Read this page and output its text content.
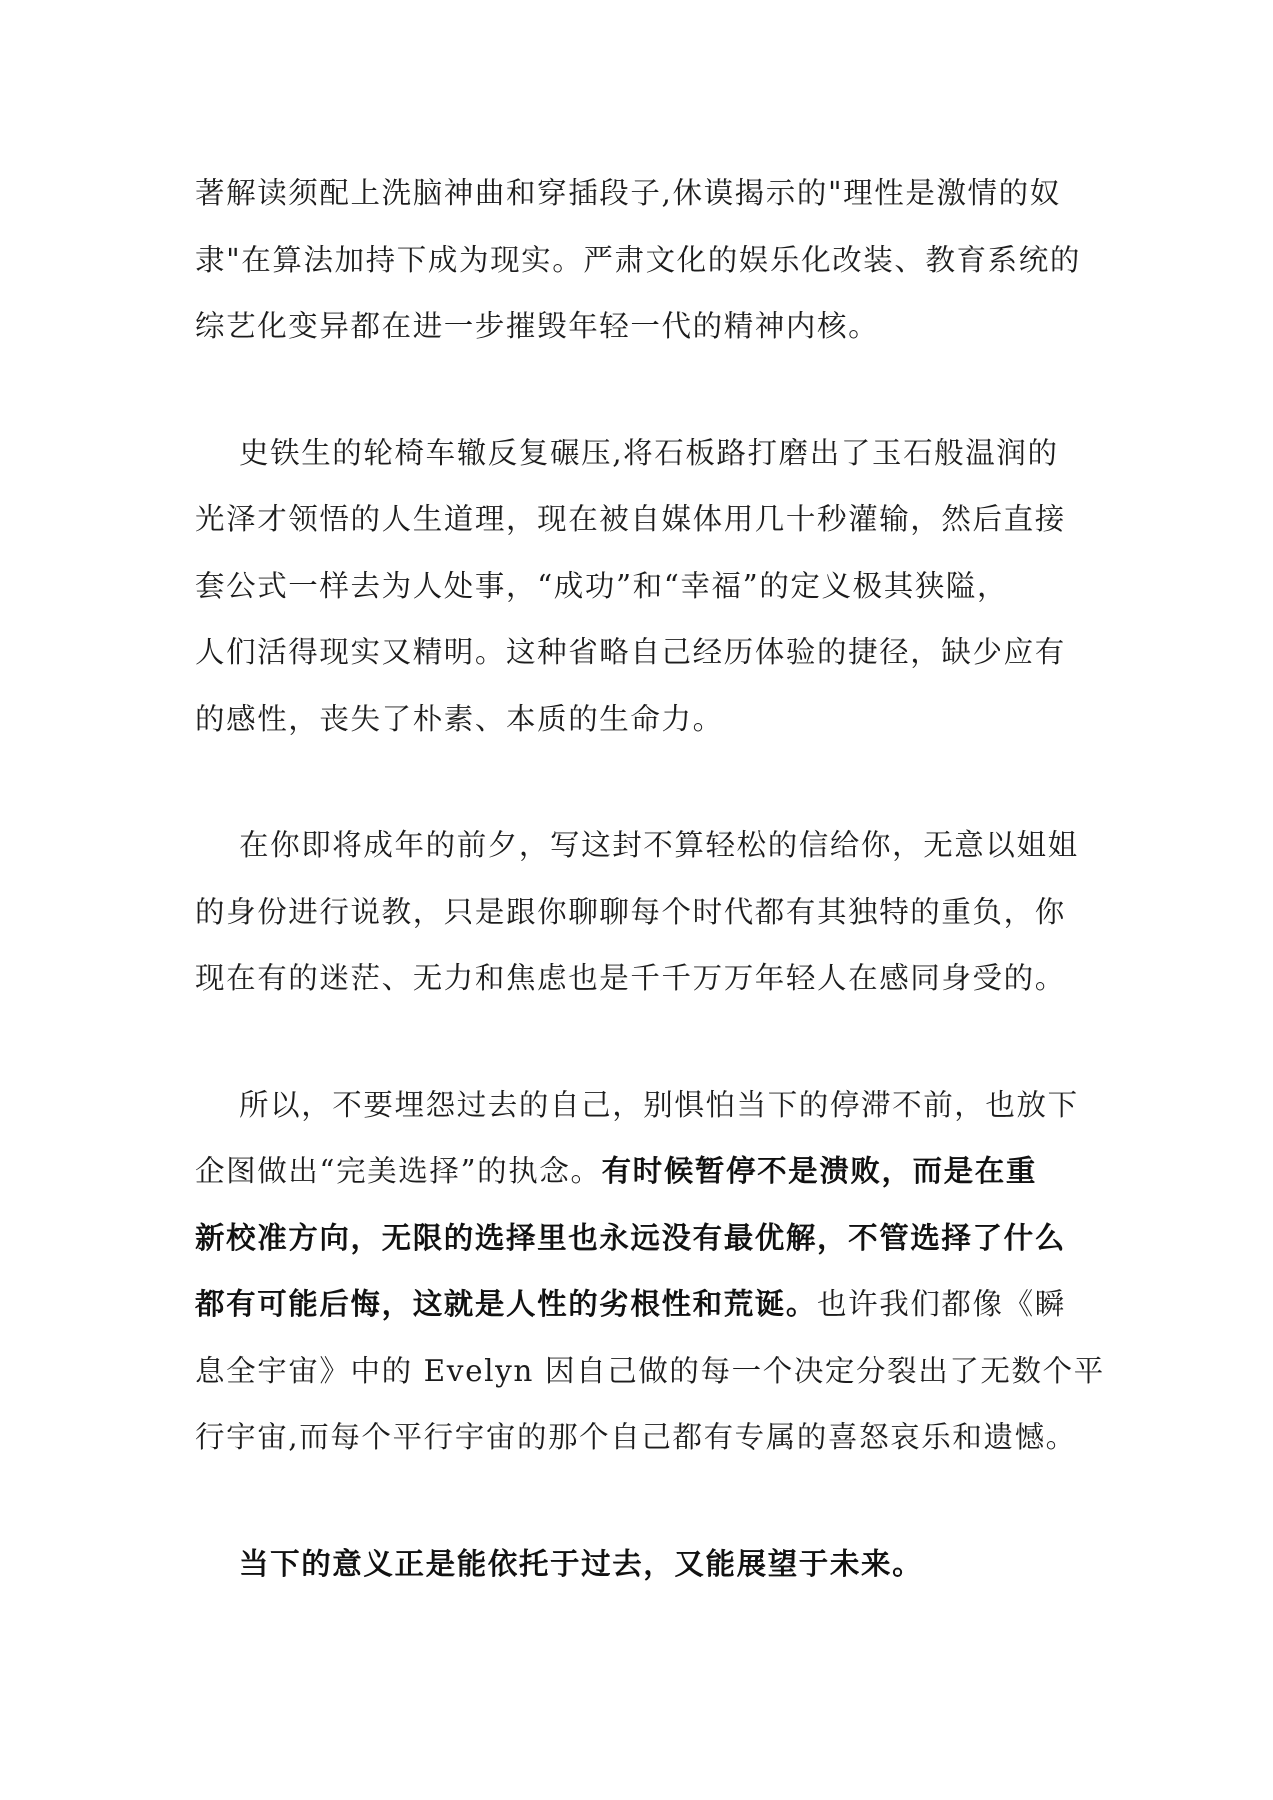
著解读须配上洗脑神曲和穿插段子,休谟揭示的"理性是激情的奴
隶"在算法加持下成为现实。严肃文化的娱乐化改装、教育系统的
综艺化变异都在进一步摧毁年轻一代的精神内核。

史铁生的轮椅车辙反复碾压,将石板路打磨出了玉石般温润的
光泽才领悟的人生道理，现在被自媒体用几十秒灌输，然后直接
套公式一样去为人处事，“成功”和“幸福”的定义极其狭隘，
人们活得现实又精明。这种省略自己经历体验的捷径，缺少应有
的感性，丧失了朴素、本质的生命力。

在你即将成年的前夕，写这封不算轻松的信给你，无意以姐姐
的身份进行说教，只是跟你聊聊每个时代都有其独特的重负，你
现在有的迷茫、无力和焦虑也是千千万万年轻人在感同身受的。

所以，不要埋怨过去的自己，别惧怕当下的停滞不前，也放下
企图做出“完美选择”的执念。有时候暂停不是溃败，而是在重
新校准方向，无限的选择里也永远没有最优解，不管选择了什么
都有可能后悔，这就是人性的劣根性和荒诞。也许我们都像《瞬
息全宇宙》中的 Evelyn 因自己做的每一个决定分裂出了无数个平
行宇宙,而每个平行宇宙的那个自己都有专属的喜怒哀乐和遗憾。

当下的意义正是能依托于过去，又能展望于未来。
